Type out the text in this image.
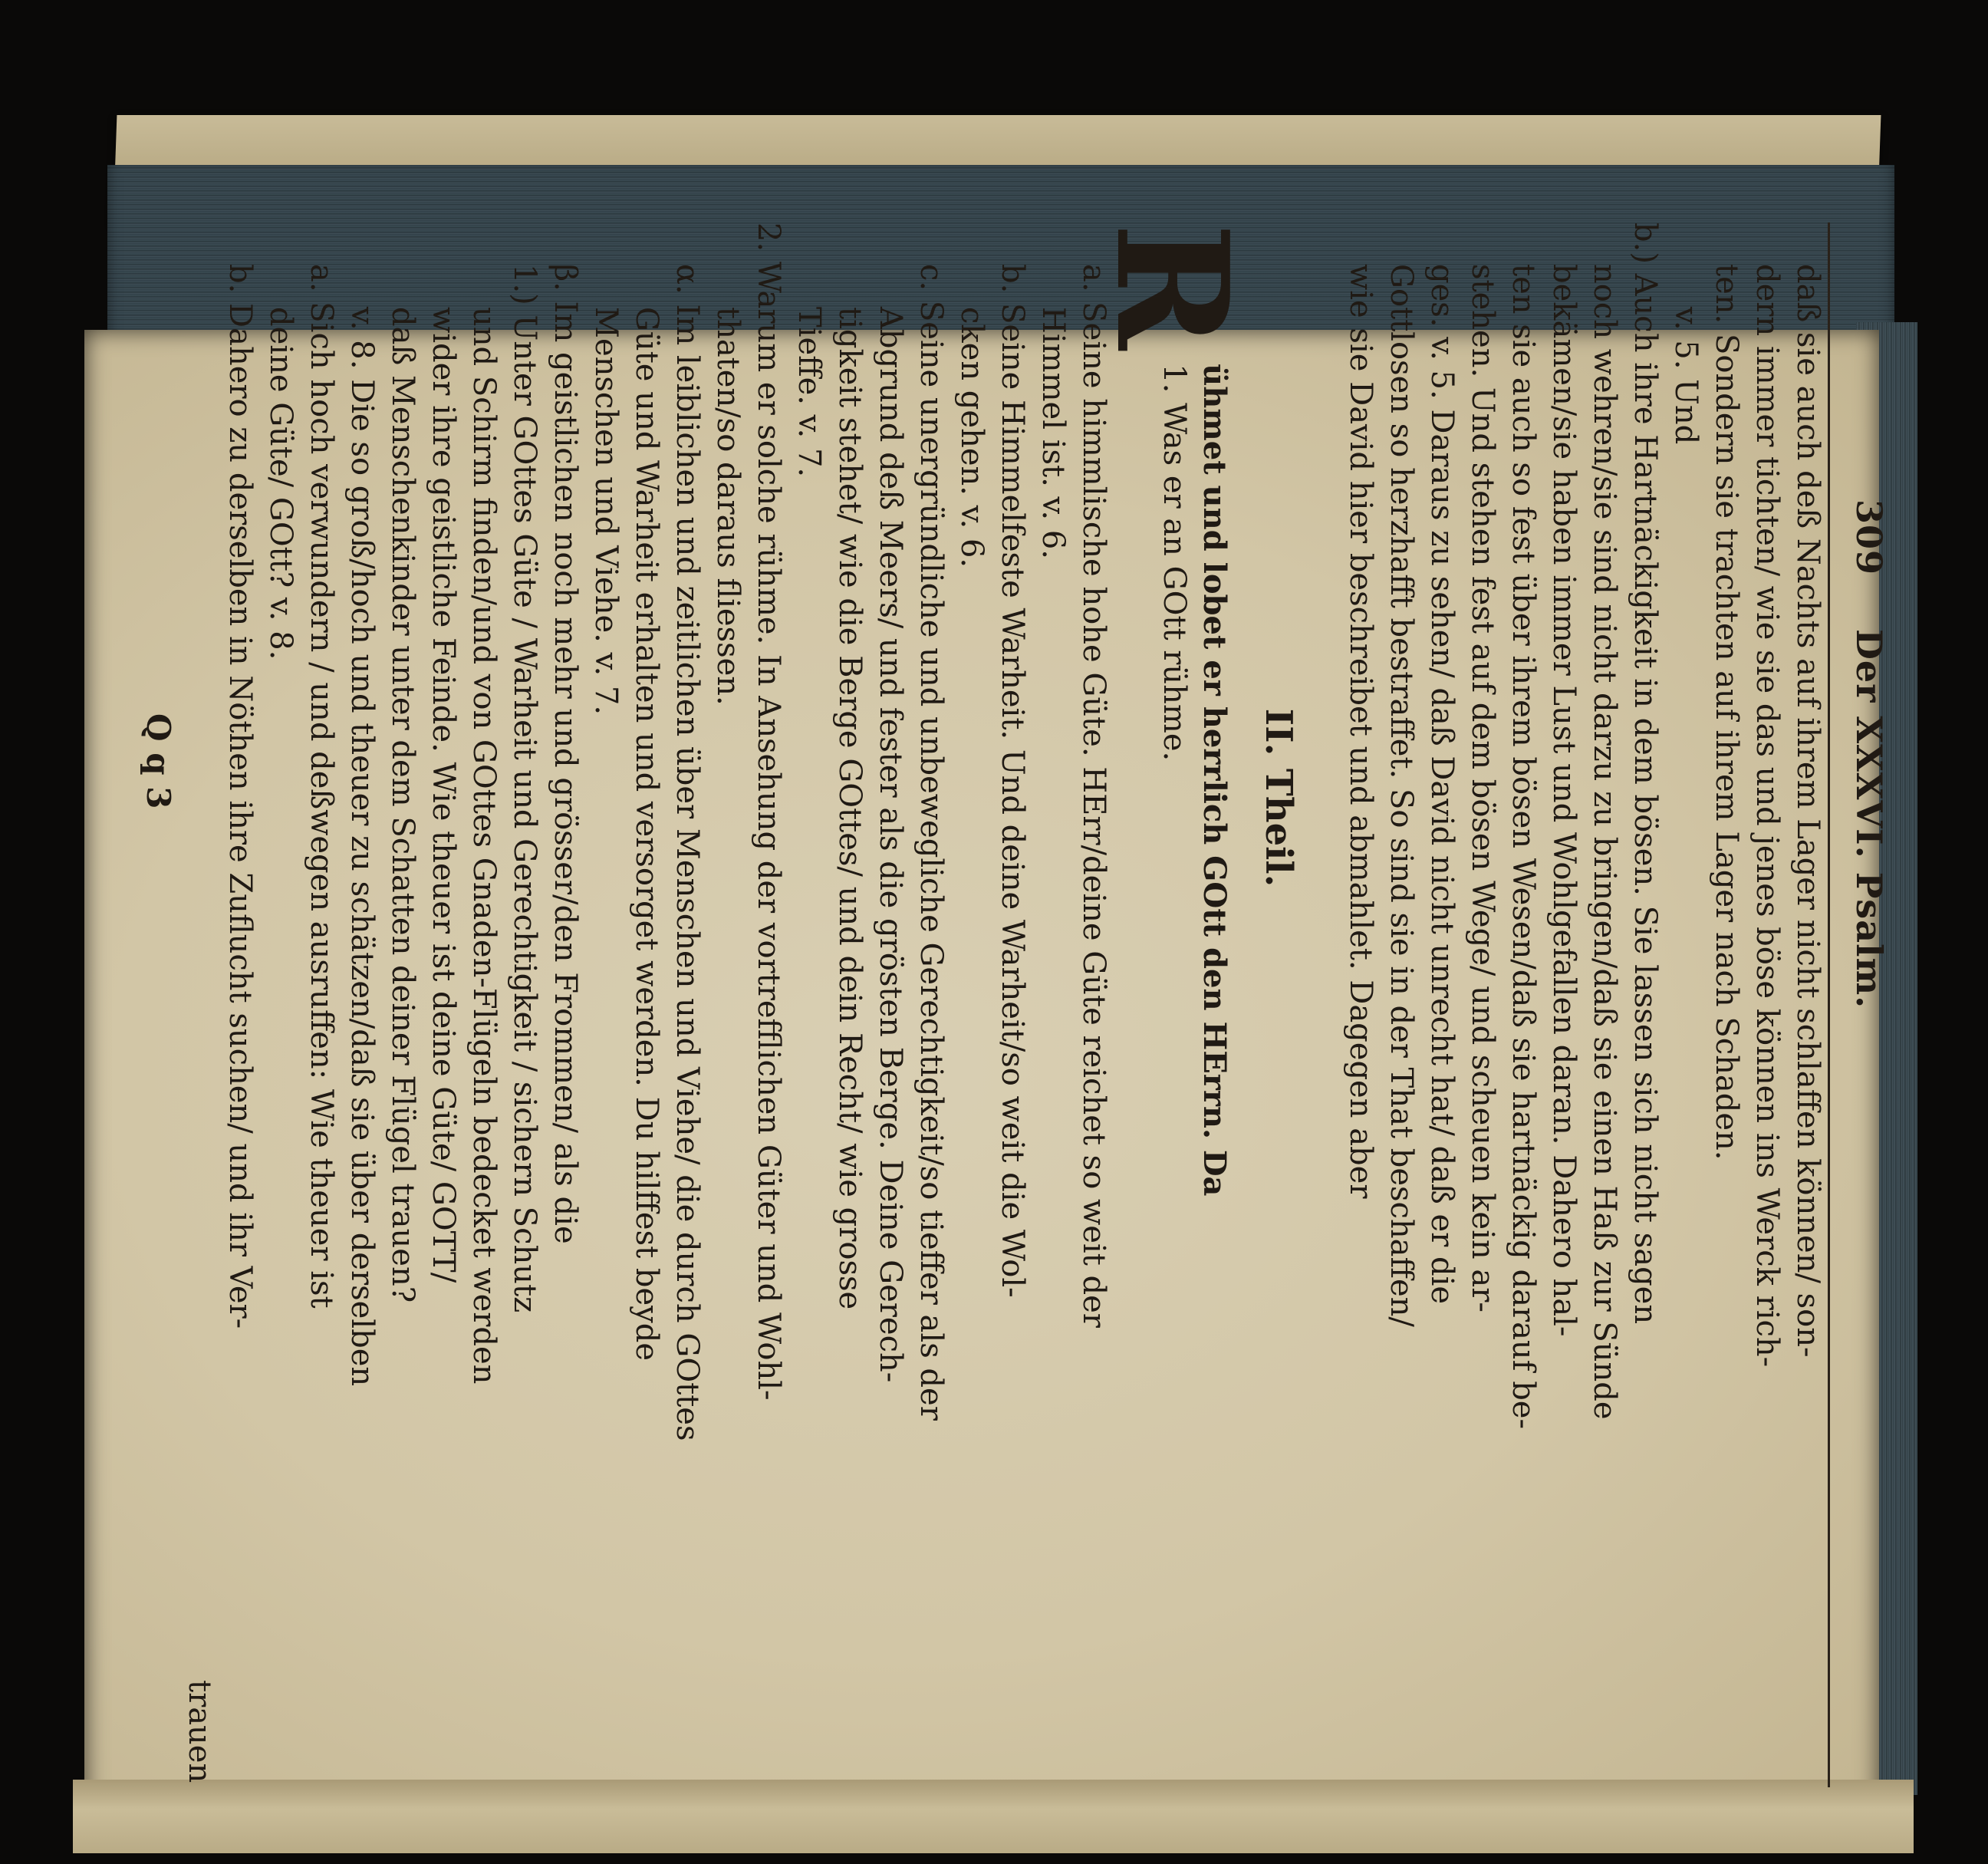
Der XXXVI. Psalm.
309
daß sie auch deß Nachts auf ihrem Lager nicht schlaffen können/ son-
dern immer tichten/ wie sie das und jenes böse können ins Werck rich-
ten. Sondern sie trachten auf ihrem Lager nach Schaden.
v. 5. Und
b.) Auch ihre Hartnäckigkeit in dem bösen. Sie lassen sich nicht sagen
noch wehren/sie sind nicht darzu zu bringen/daß sie einen Haß zur Sünde
bekämen/sie haben immer Lust und Wohlgefallen daran. Dahero hal-
ten sie auch so fest über ihrem bösen Wesen/daß sie hartnäckig darauf be-
stehen. Und stehen fest auf dem bösen Wege/ und scheuen kein ar-
ges. v. 5. Daraus zu sehen/ daß David nicht unrecht hat/ daß er die
Gottlosen so herzhafft bestraffet. So sind sie in der That beschaffen/
wie sie David hier beschreibet und abmahlet. Dagegen aber
II. Theil.
R
ühmet und lobet er herrlich GOtt den HErrn. Da
1. Was er an GOtt rühme.
a. Seine himmlische hohe Güte. HErr/deine Güte reichet so weit der
Himmel ist. v. 6.
b. Seine Himmelfeste Warheit. Und deine Warheit/so weit die Wol-
cken gehen. v. 6.
c. Seine unergründliche und unbewegliche Gerechtigkeit/so tieffer als der
Abgrund deß Meers/ und fester als die grösten Berge. Deine Gerech-
tigkeit stehet/ wie die Berge GOttes/ und dein Recht/ wie grosse
Tieffe. v. 7.
2. Warum er solche rühme. In Ansehung der vortrefflichen Güter und Wohl-
thaten/so daraus fliessen.
α. Im leiblichen und zeitlichen über Menschen und Viehe/ die durch GOttes
Güte und Warheit erhalten und versorget werden. Du hilffest beyde
Menschen und Viehe. v. 7.
β. Im geistlichen noch mehr und grösser/den Frommen/ als die
1.) Unter GOttes Güte / Warheit und Gerechtigkeit / sichern Schutz
und Schirm finden/und von GOttes Gnaden-Flügeln bedecket werden
wider ihre geistliche Feinde. Wie theuer ist deine Güte/ GOTT/
daß Menschenkinder unter dem Schatten deiner Flügel trauen?
v. 8. Die so groß/hoch und theuer zu schätzen/daß sie über derselben
a. Sich hoch verwundern / und deßwegen ausruffen: Wie theuer ist
deine Güte/ GOtt? v. 8.
b. Dahero zu derselben in Nöthen ihre Zuflucht suchen/ und ihr Ver-
trauen
Q q 3
